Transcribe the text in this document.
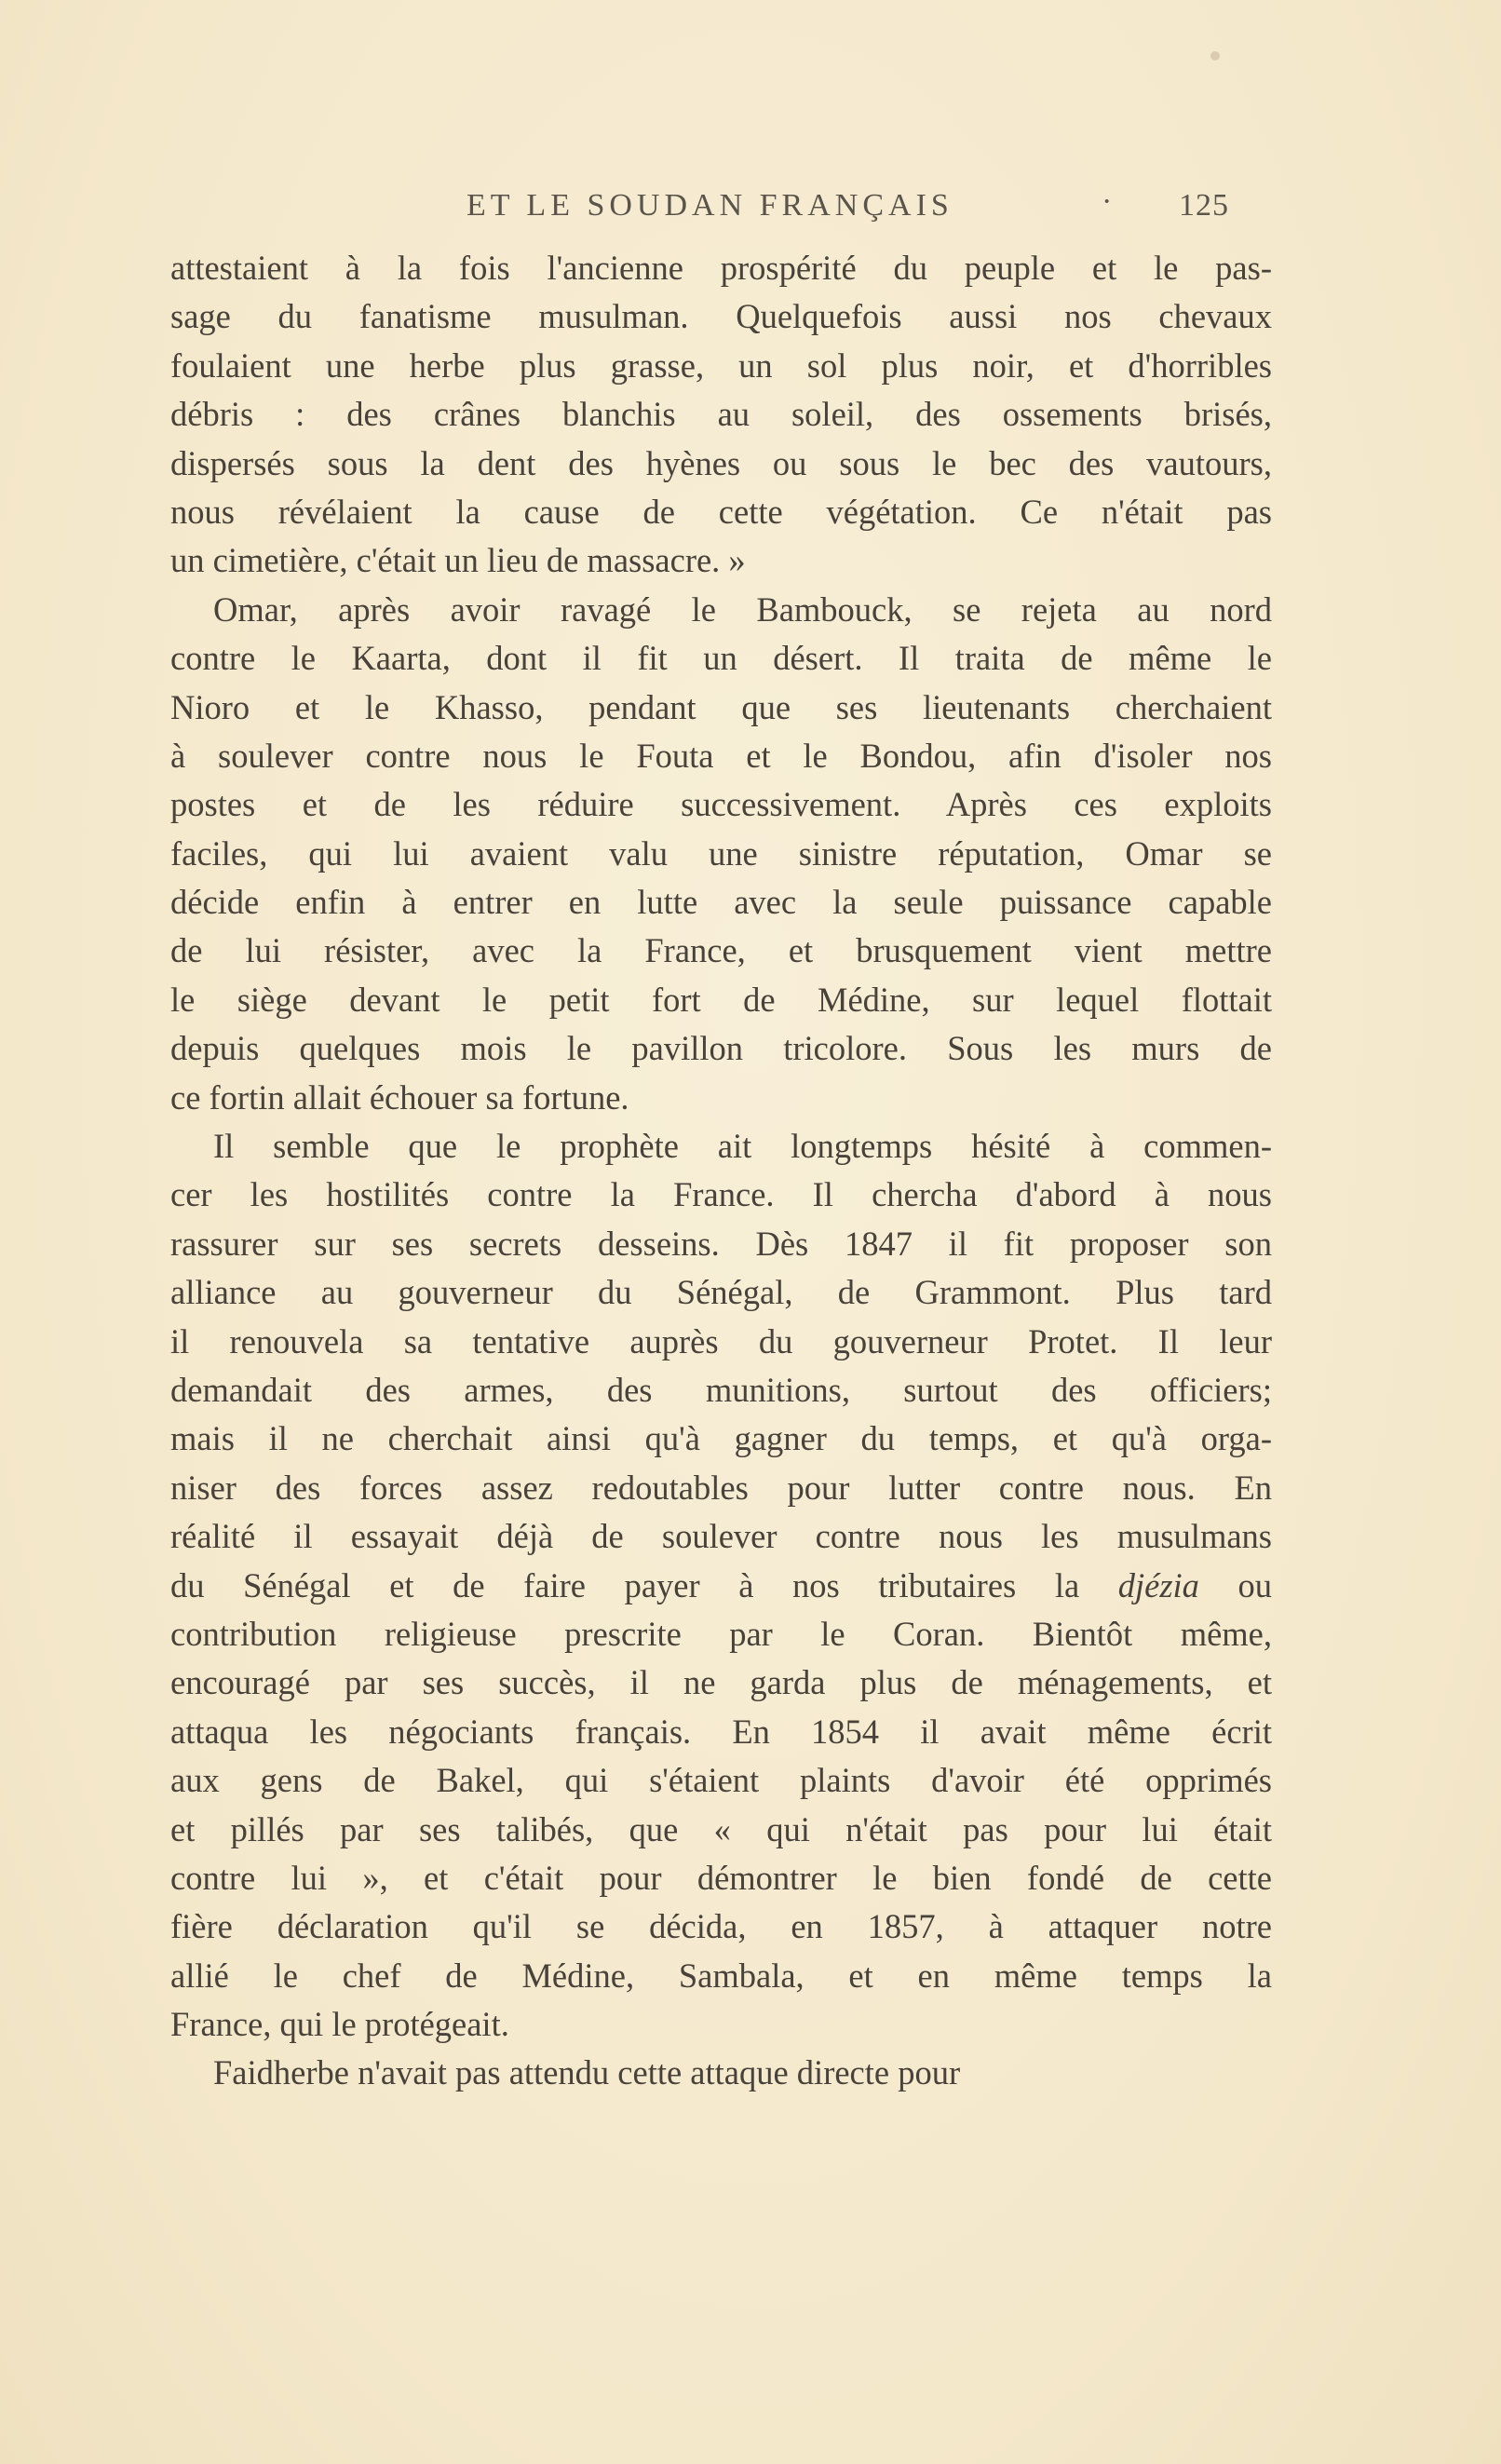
ET LE SOUDAN FRANÇAIS	· 125
attestaient à la fois l'ancienne prospérité du peuple et le pas-
sage du fanatisme musulman. Quelquefois aussi nos chevaux
foulaient une herbe plus grasse, un sol plus noir, et d'horribles
débris : des crânes blanchis au soleil, des ossements brisés,
dispersés sous la dent des hyènes ou sous le bec des vautours,
nous révélaient la cause de cette végétation. Ce n'était pas
un cimetière, c'était un lieu de massacre. »
Omar, après avoir ravagé le Bambouck, se rejeta au nord
contre le Kaarta, dont il fit un désert. Il traita de même le
Nioro et le Khasso, pendant que ses lieutenants cherchaient
à soulever contre nous le Fouta et le Bondou, afin d'isoler nos
postes et de les réduire successivement. Après ces exploits
faciles, qui lui avaient valu une sinistre réputation, Omar se
décide enfin à entrer en lutte avec la seule puissance capable
de lui résister, avec la France, et brusquement vient mettre
le siège devant le petit fort de Médine, sur lequel flottait
depuis quelques mois le pavillon tricolore. Sous les murs de
ce fortin allait échouer sa fortune.
Il semble que le prophète ait longtemps hésité à commen-
cer les hostilités contre la France. Il chercha d'abord à nous
rassurer sur ses secrets desseins. Dès 1847 il fit proposer son
alliance au gouverneur du Sénégal, de Grammont. Plus tard
il renouvela sa tentative auprès du gouverneur Protet. Il leur
demandait des armes, des munitions, surtout des officiers;
mais il ne cherchait ainsi qu'à gagner du temps, et qu'à orga-
niser des forces assez redoutables pour lutter contre nous. En
réalité il essayait déjà de soulever contre nous les musulmans
du Sénégal et de faire payer à nos tributaires la djézia ou
contribution religieuse prescrite par le Coran. Bientôt même,
encouragé par ses succès, il ne garda plus de ménagements, et
attaqua les négociants français. En 1854 il avait même écrit
aux gens de Bakel, qui s'étaient plaints d'avoir été opprimés
et pillés par ses talibés, que « qui n'était pas pour lui était
contre lui », et c'était pour démontrer le bien fondé de cette
fière déclaration qu'il se décida, en 1857, à attaquer notre
allié le chef de Médine, Sambala, et en même temps la
France, qui le protégeait.
Faidherbe n'avait pas attendu cette attaque directe pour
